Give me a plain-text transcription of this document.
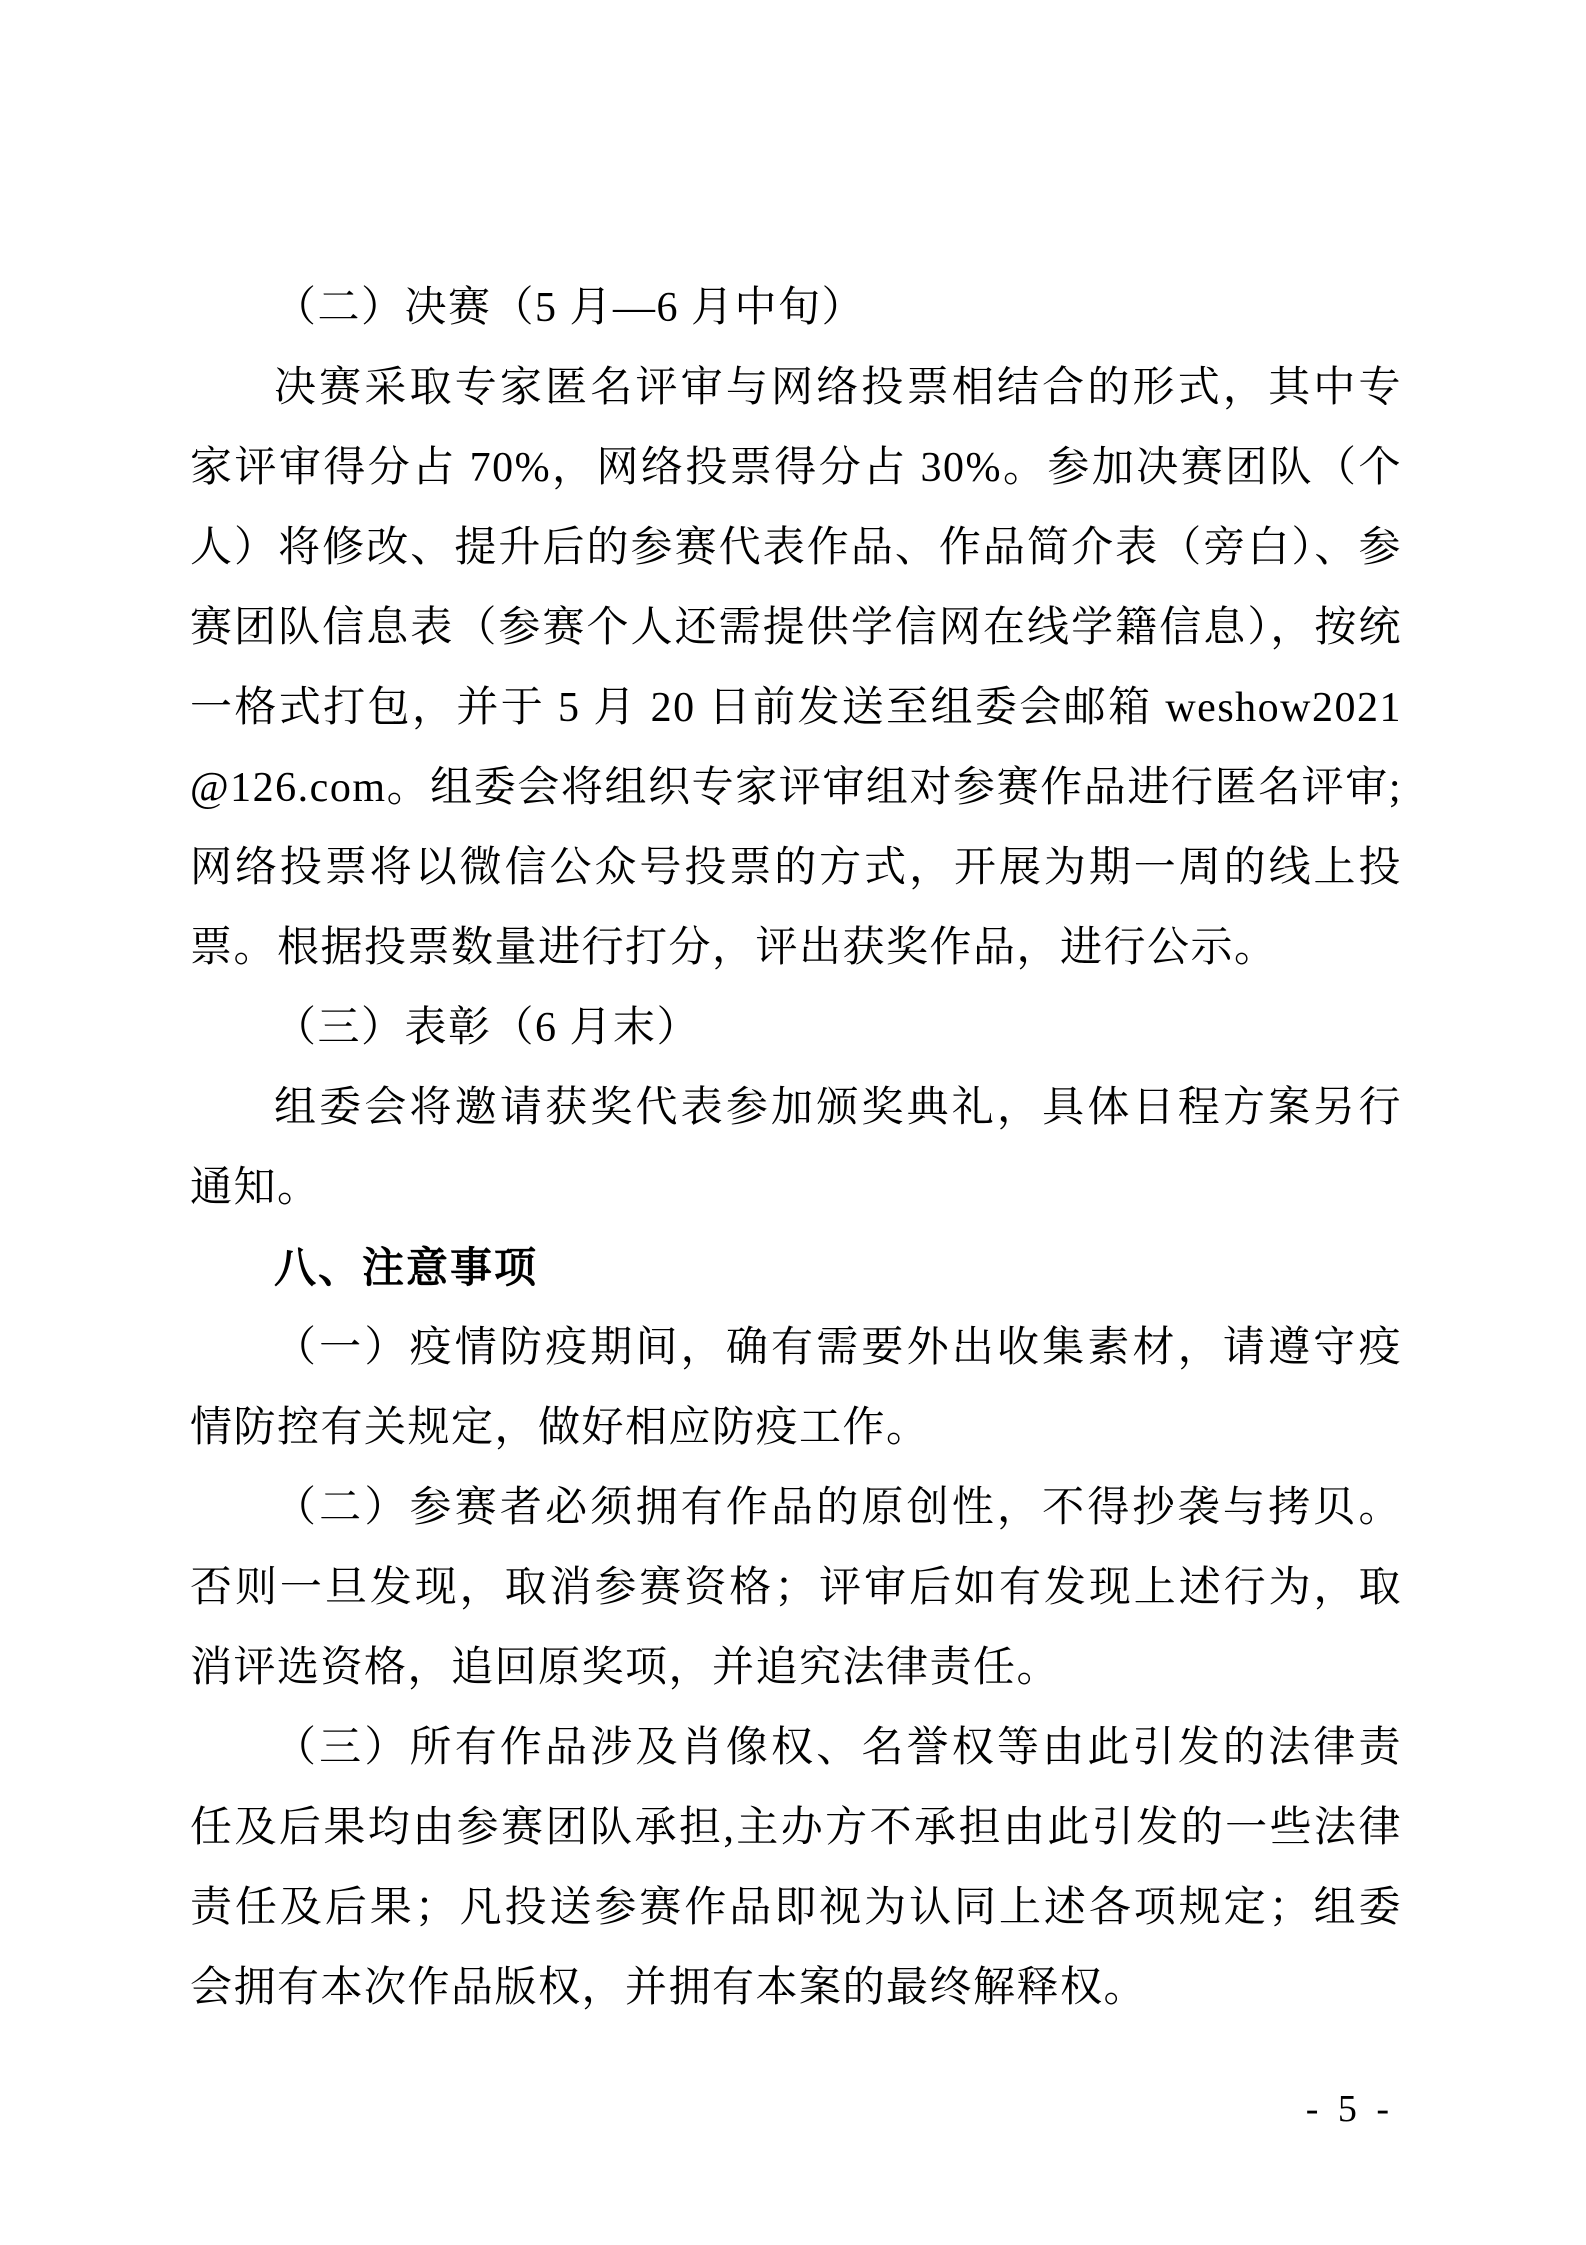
（二）决赛（5 月—6 月中旬）

决赛采取专家匿名评审与网络投票相结合的形式，其中专家评审得分占 70%，网络投票得分占 30%。参加决赛团队（个人）将修改、提升后的参赛代表作品、作品简介表（旁白）、参赛团队信息表（参赛个人还需提供学信网在线学籍信息），按统一格式打包，并于 5 月 20 日前发送至组委会邮箱 weshow2021@126.com。组委会将组织专家评审组对参赛作品进行匿名评审;网络投票将以微信公众号投票的方式，开展为期一周的线上投票。根据投票数量进行打分，评出获奖作品，进行公示。

（三）表彰（6 月末）

组委会将邀请获奖代表参加颁奖典礼，具体日程方案另行通知。

八、注意事项

（一）疫情防疫期间，确有需要外出收集素材，请遵守疫情防控有关规定，做好相应防疫工作。

（二）参赛者必须拥有作品的原创性，不得抄袭与拷贝。否则一旦发现，取消参赛资格；评审后如有发现上述行为，取消评选资格，追回原奖项，并追究法律责任。

（三）所有作品涉及肖像权、名誉权等由此引发的法律责任及后果均由参赛团队承担,主办方不承担由此引发的一些法律责任及后果；凡投送参赛作品即视为认同上述各项规定；组委会拥有本次作品版权，并拥有本案的最终解释权。

- 5 -
